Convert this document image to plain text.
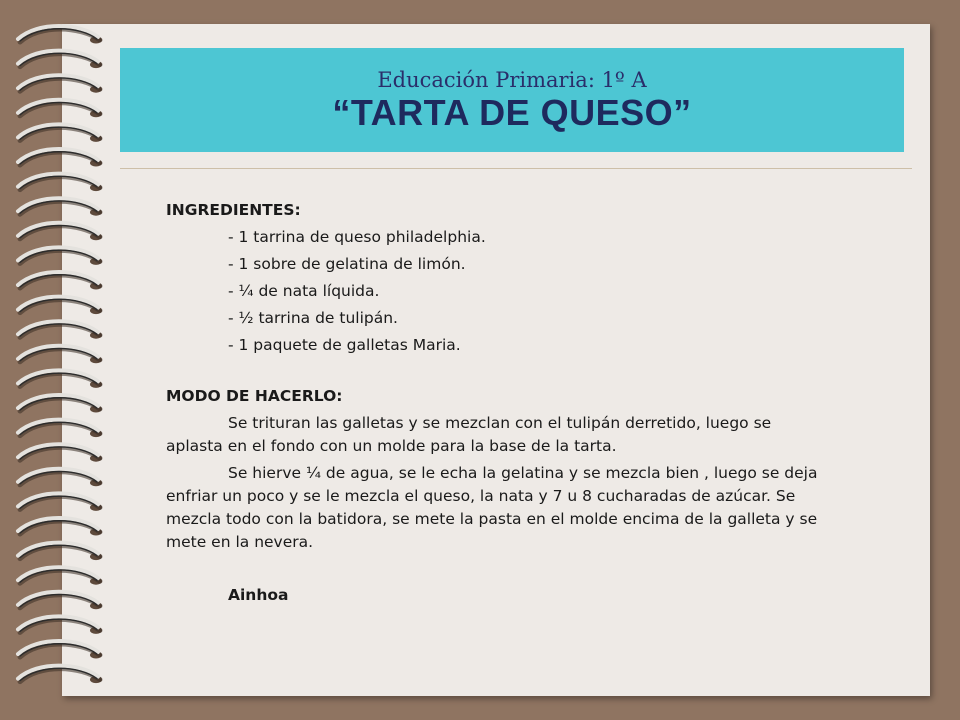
Educación Primaria: 1º A
“TARTA DE QUESO”
INGREDIENTES:
- 1 tarrina de queso philadelphia.
- 1 sobre de gelatina de limón.
- ¼ de nata líquida.
- ½ tarrina de tulipán.
- 1 paquete de galletas Maria.
MODO DE HACERLO:
Se trituran las galletas y se mezclan con el tulipán derretido, luego se
aplasta en el fondo con un molde para la base de la tarta.
Se hierve ¼ de agua, se le echa la gelatina y se mezcla bien , luego se deja
enfriar un poco y se le mezcla el queso, la nata y 7 u 8 cucharadas de azúcar. Se
mezcla todo con la batidora, se mete la pasta en el molde encima de la galleta y se
mete en la nevera.
Ainhoa
